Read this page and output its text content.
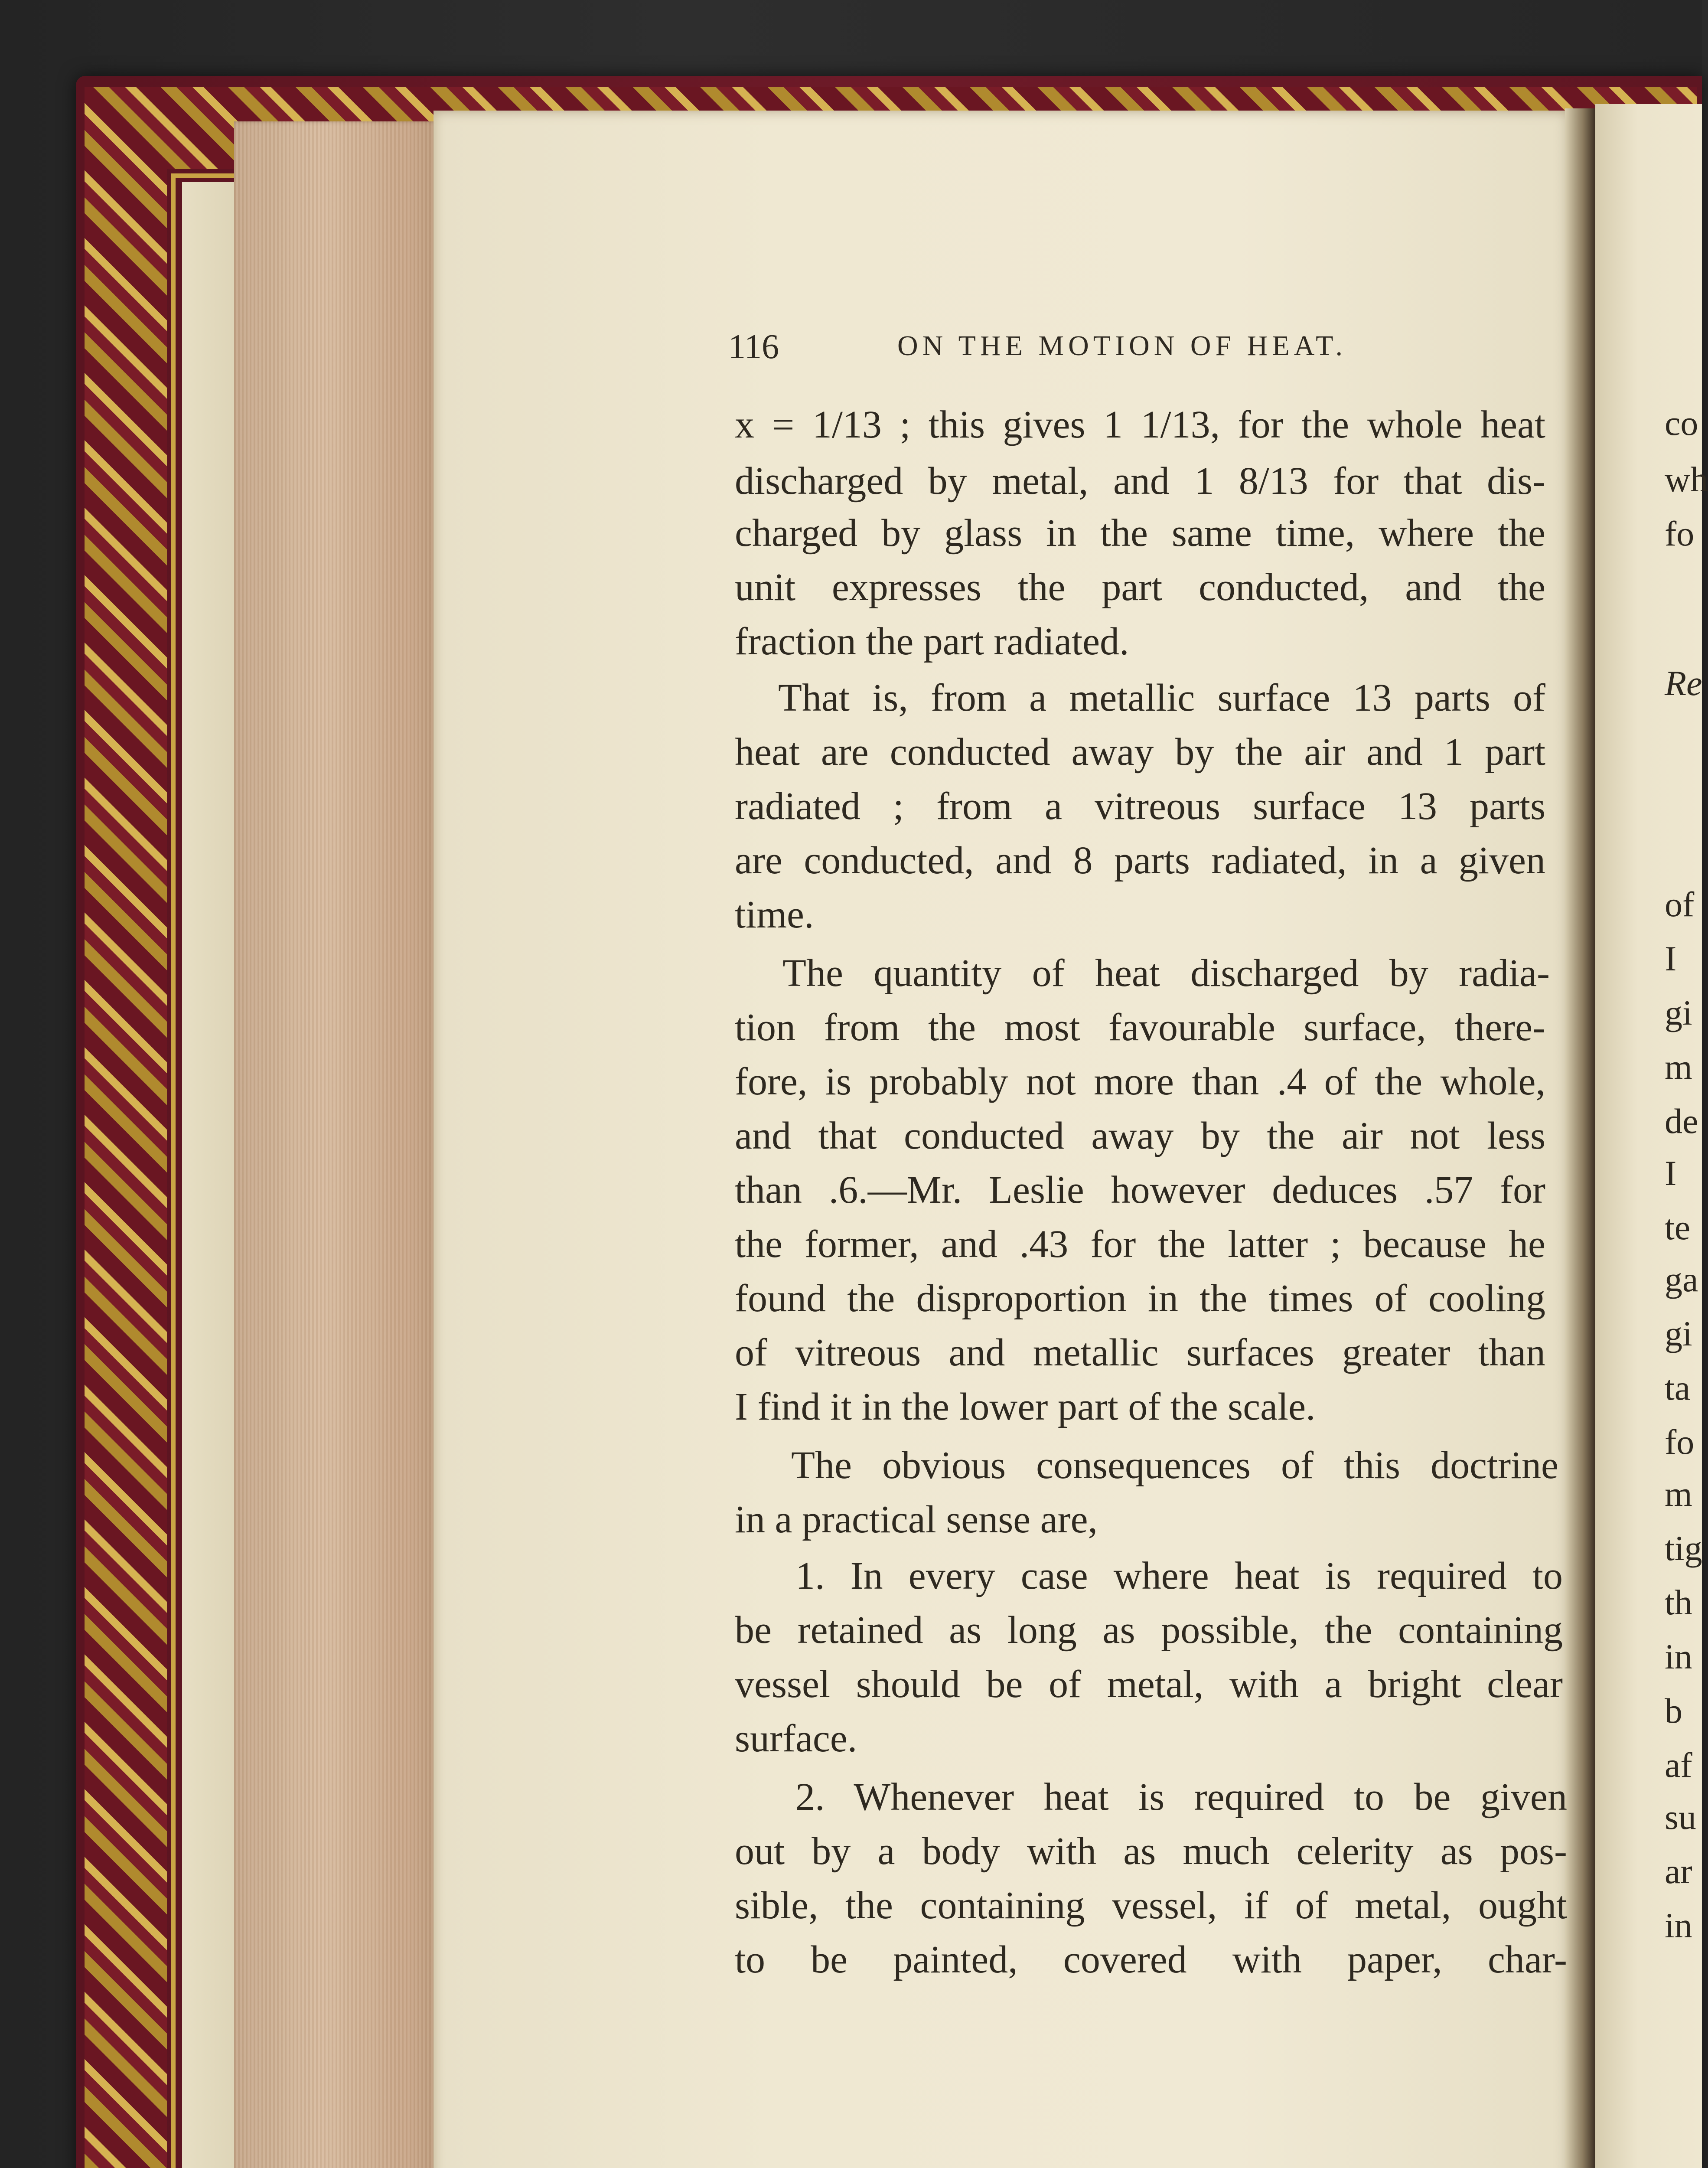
116	ON THE MOTION OF HEAT.
x = 1/13 ; this gives 1 1/13, for the whole heat
discharged by metal, and 1 8/13 for that dis-
charged by glass in the same time, where the
unit expresses the part conducted, and the
fraction the part radiated.
That is, from a metallic surface 13 parts of
heat are conducted away by the air and 1 part
radiated ; from a vitreous surface 13 parts
are conducted, and 8 parts radiated, in a given
time.
The quantity of heat discharged by radia-
tion from the most favourable surface, there-
fore, is probably not more than .4 of the whole,
and that conducted away by the air not less
than .6.—Mr. Leslie however deduces .57 for
the former, and .43 for the latter ; because he
found the disproportion in the times of cooling
of vitreous and metallic surfaces greater than
I find it in the lower part of the scale.
The obvious consequences of this doctrine
in a practical sense are,
1. In every case where heat is required to
be retained as long as possible, the containing
vessel should be of metal, with a bright clear
surface.
2. Whenever heat is required to be given
out by a body with as much celerity as pos-
sible, the containing vessel, if of metal, ought
to be painted, covered with paper, char-
co
wh
fo
Re
of
I
gi
m
de
I
te
ga
gi
ta
fo
m
tig
th
in
b
af
su
ar
in
